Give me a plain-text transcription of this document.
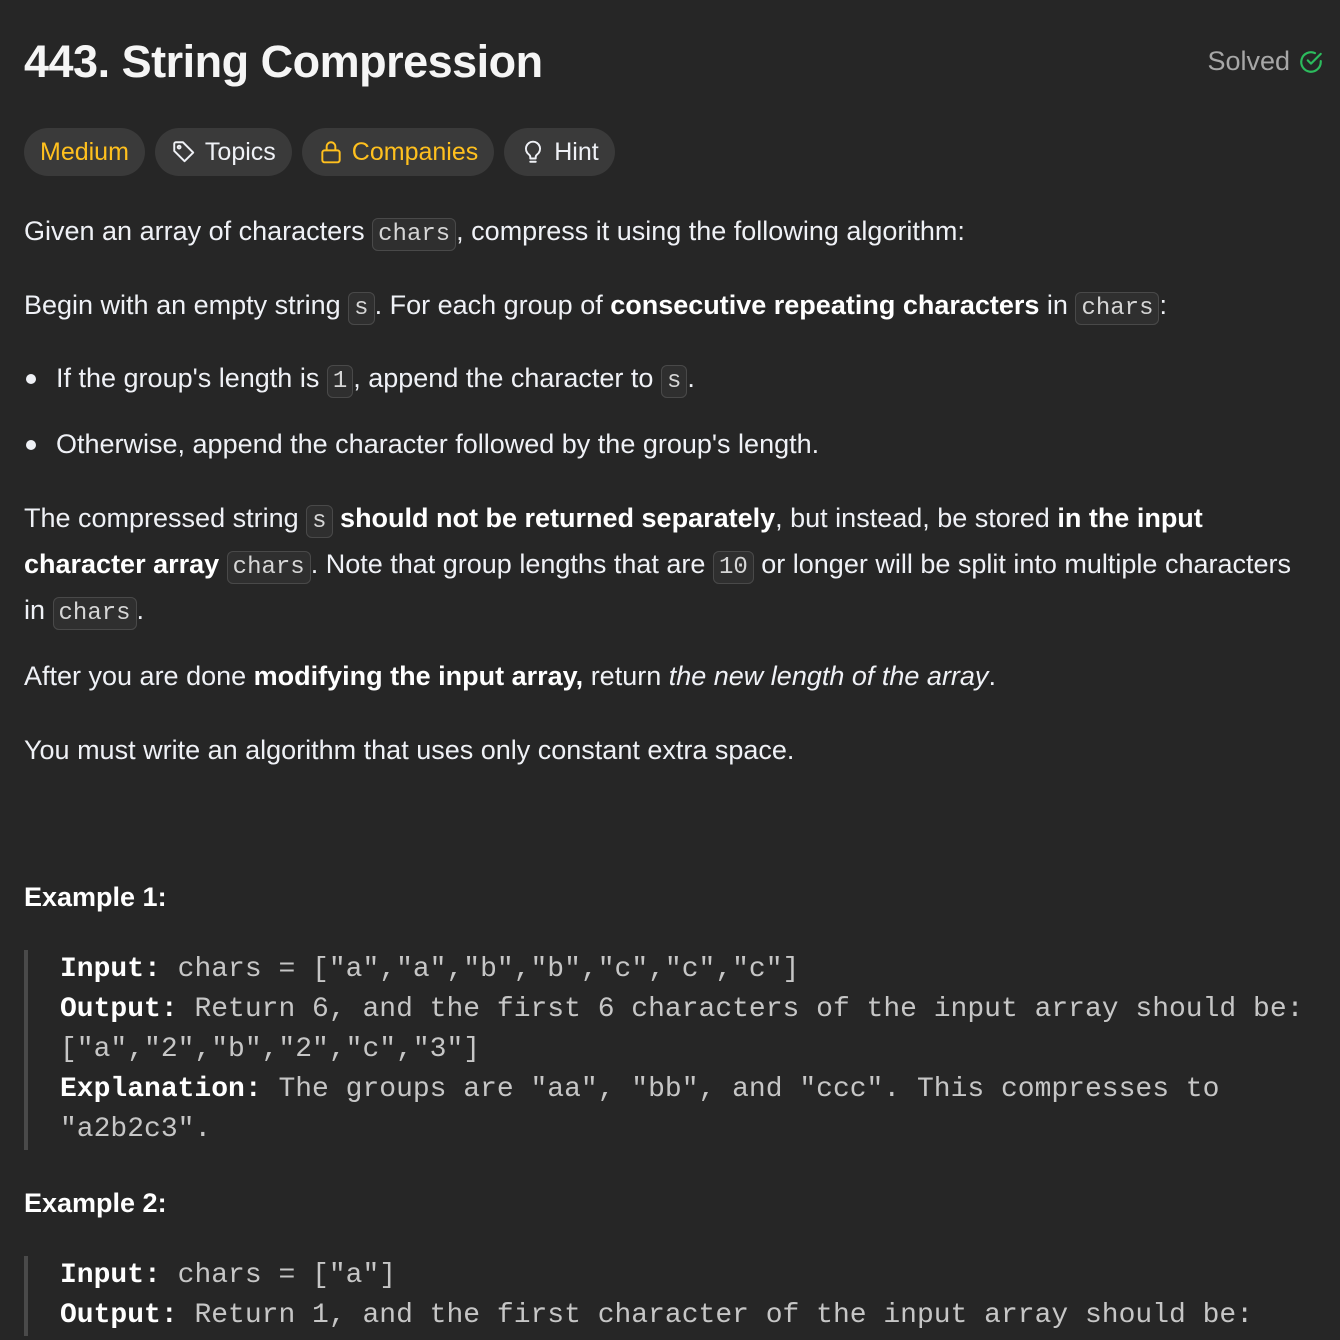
443. String Compression	Solved
Medium	Topics	Companies	Hint
Given an array of characters chars , compress it using the following algorithm:
Begin with an empty string s . For each group of consecutive repeating characters in chars :
If the group's length is 1 , append the character to s .
Otherwise, append the character followed by the group's length.
The compressed string s should not be returned separately, but instead, be stored in the input character array chars . Note that group lengths that are 10 or longer will be split into multiple characters in chars .
After you are done modifying the input array, return the new length of the array.
You must write an algorithm that uses only constant extra space.
Example 1:
Input: chars = ["a","a","b","b","c","c","c"]
Output: Return 6, and the first 6 characters of the input array should be:
["a","2","b","2","c","3"]
Explanation: The groups are "aa", "bb", and "ccc". This compresses to
"a2b2c3".
Example 2:
Input: chars = ["a"]
Output: Return 1, and the first character of the input array should be:
